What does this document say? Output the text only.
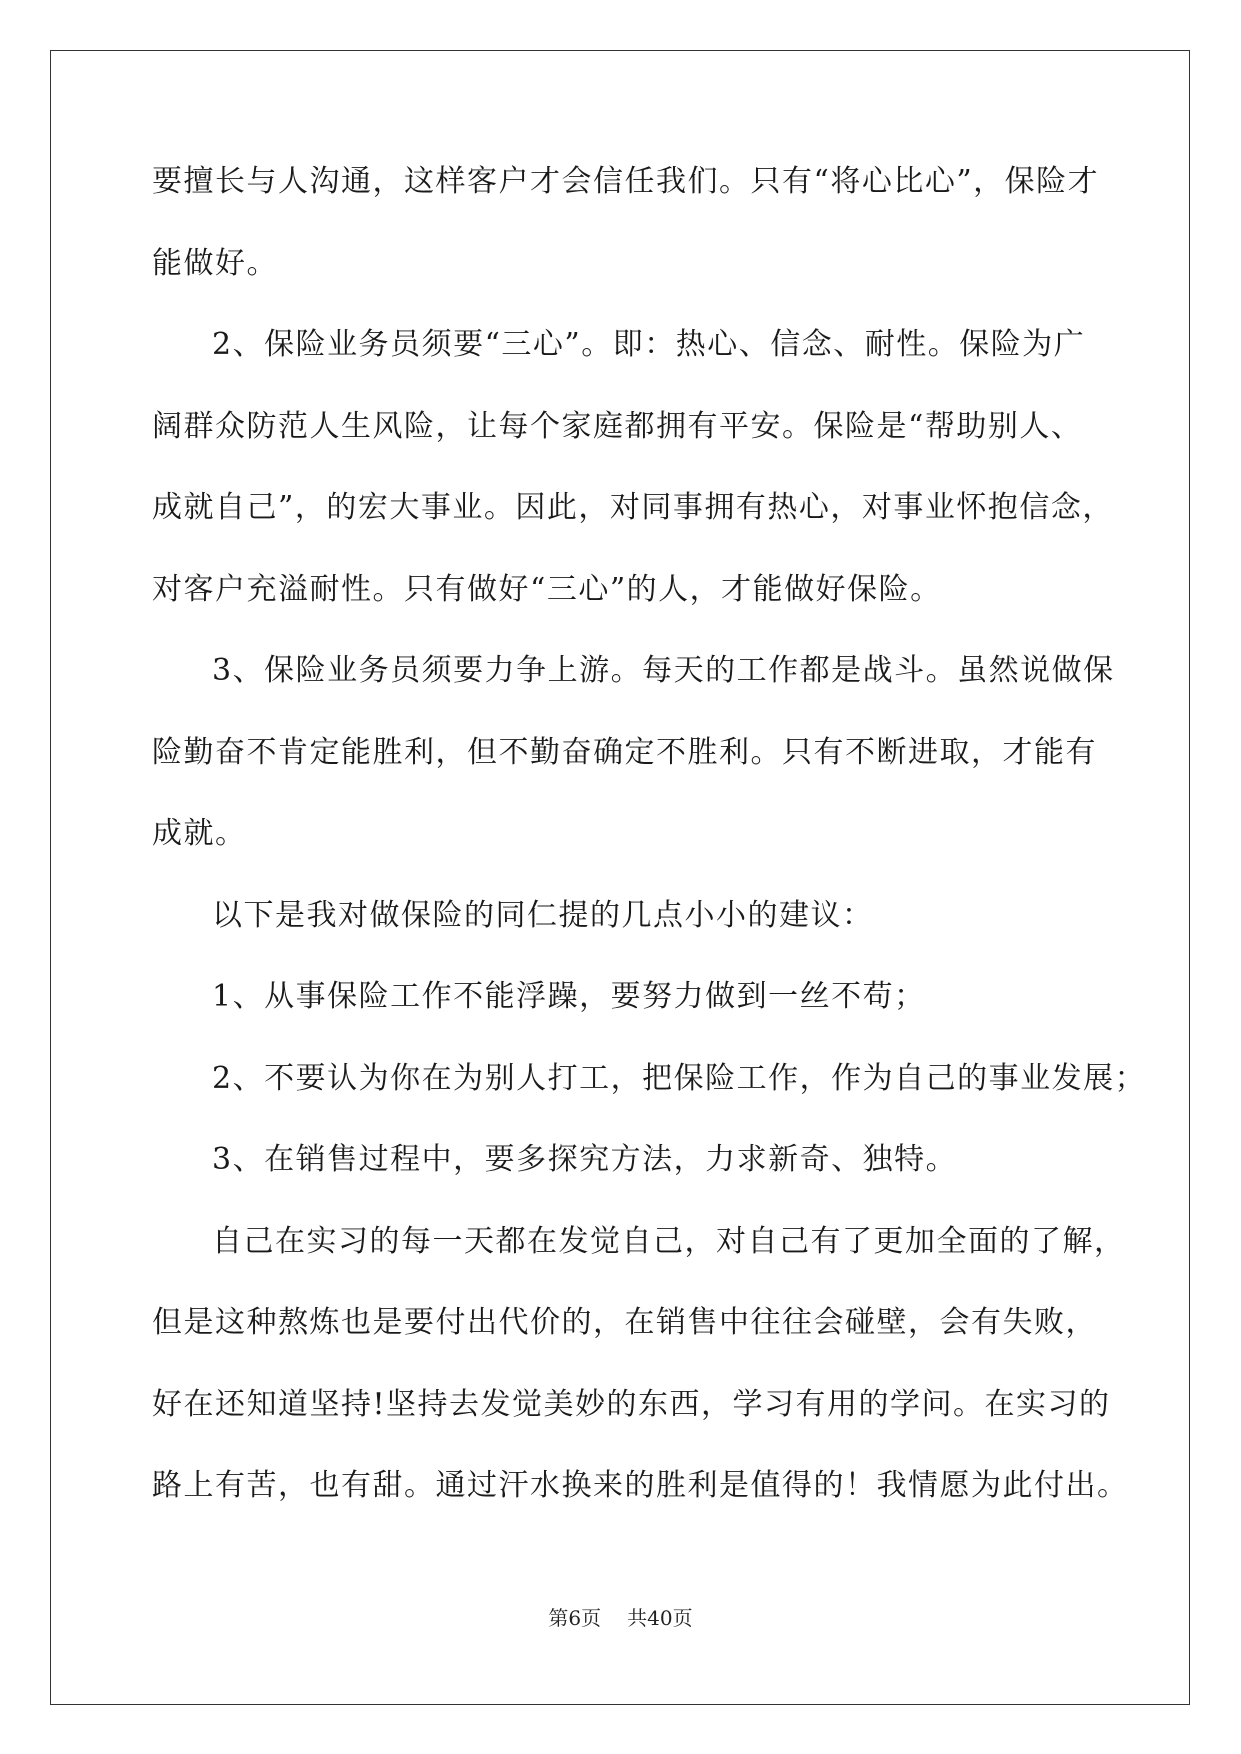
要擅长与人沟通，这样客户才会信任我们。只有“将心比心”，保险才
能做好。
2、保险业务员须要“三心”。即：热心、信念、耐性。保险为广
阔群众防范人生风险，让每个家庭都拥有平安。保险是“帮助别人、
成就自己”，的宏大事业。因此，对同事拥有热心，对事业怀抱信念，
对客户充溢耐性。只有做好“三心”的人，才能做好保险。
3、保险业务员须要力争上游。每天的工作都是战斗。虽然说做保
险勤奋不肯定能胜利，但不勤奋确定不胜利。只有不断进取，才能有
成就。
以下是我对做保险的同仁提的几点小小的建议：
1、从事保险工作不能浮躁，要努力做到一丝不苟；
2、不要认为你在为别人打工，把保险工作，作为自己的事业发展；
3、在销售过程中，要多探究方法，力求新奇、独特。
自己在实习的每一天都在发觉自己，对自己有了更加全面的了解，
但是这种熬炼也是要付出代价的，在销售中往往会碰壁，会有失败，
好在还知道坚持!坚持去发觉美妙的东西，学习有用的学问。在实习的
路上有苦，也有甜。通过汗水换来的胜利是值得的！我情愿为此付出。
第6页 共40页
